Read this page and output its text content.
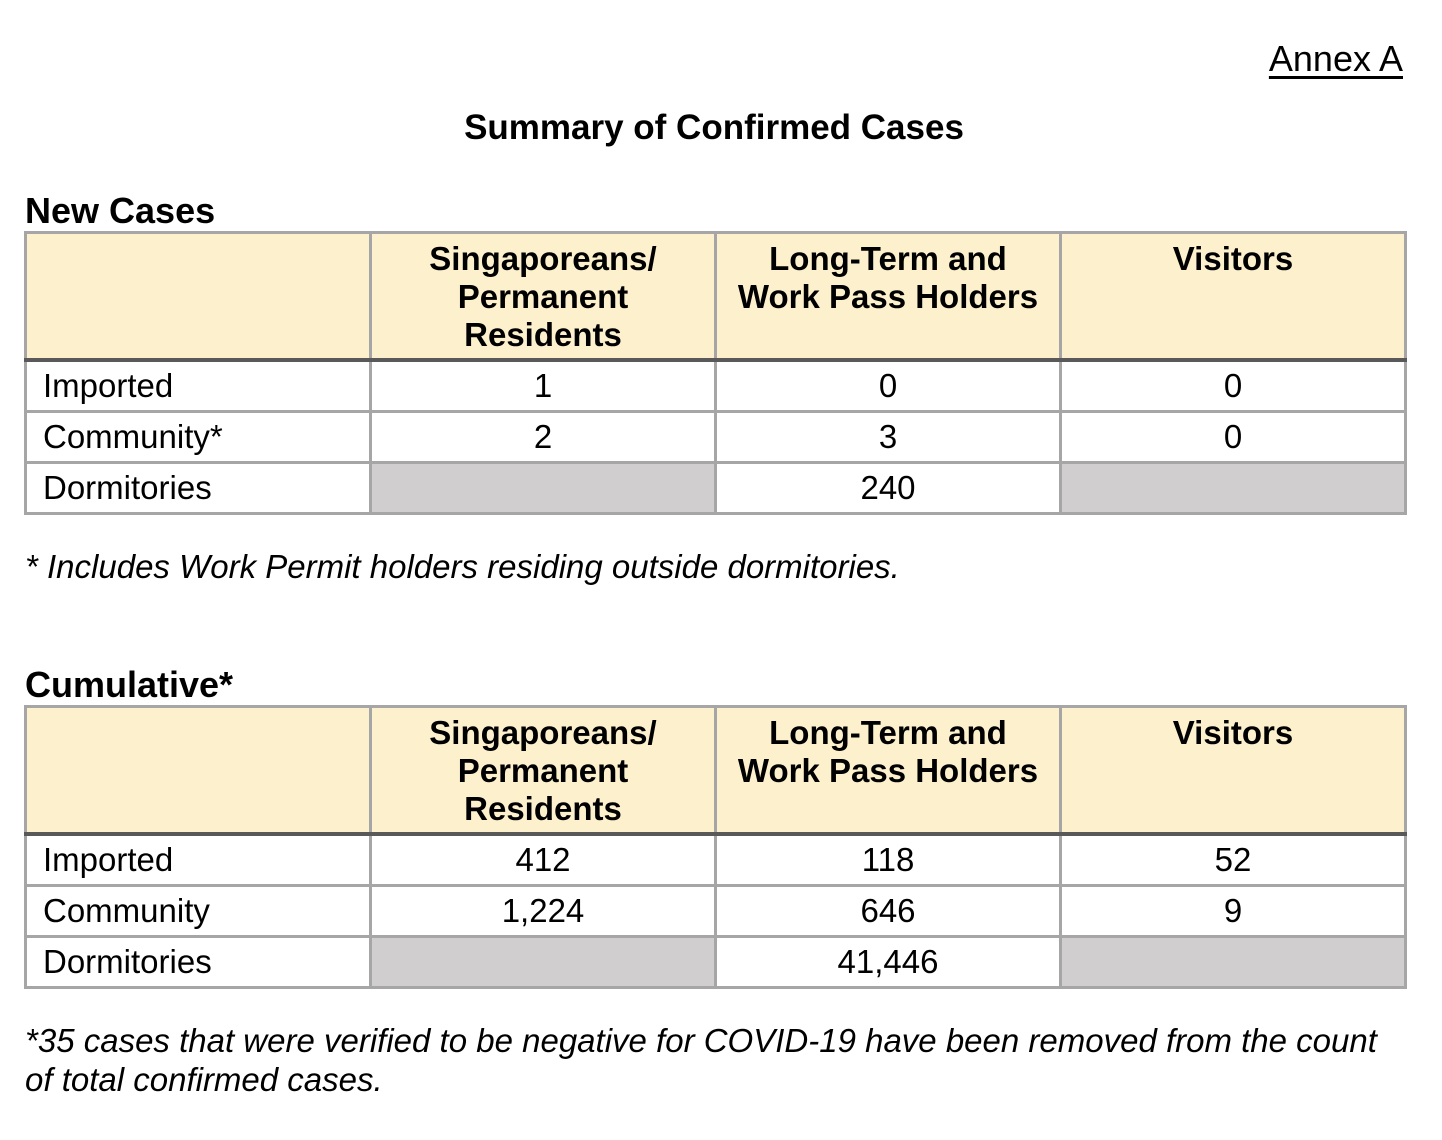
Annex A
Summary of Confirmed Cases
New Cases
	Singaporeans/ Permanent Residents	Long-Term and Work Pass Holders	Visitors
Imported	1	0	0
Community*	2	3	0
Dormitories		240	
* Includes Work Permit holders residing outside dormitories.
Cumulative*
	Singaporeans/ Permanent Residents	Long-Term and Work Pass Holders	Visitors
Imported	412	118	52
Community	1,224	646	9
Dormitories		41,446	
*35 cases that were verified to be negative for COVID-19 have been removed from the count of total confirmed cases.
